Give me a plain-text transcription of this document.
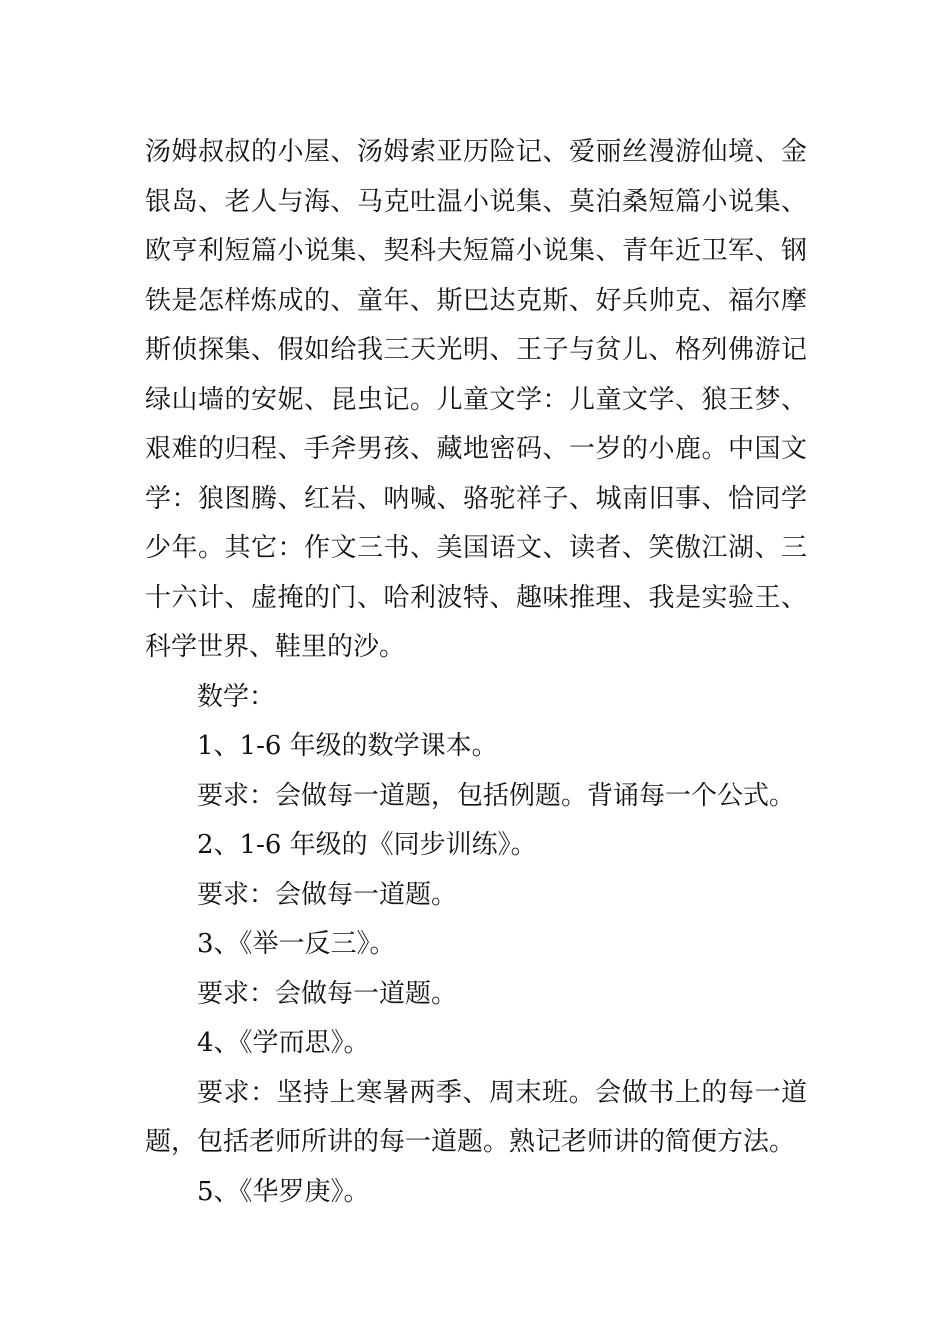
汤姆叔叔的小屋、汤姆索亚历险记、爱丽丝漫游仙境、金银岛、老人与海、马克吐温小说集、莫泊桑短篇小说集、欧亨利短篇小说集、契科夫短篇小说集、青年近卫军、钢铁是怎样炼成的、童年、斯巴达克斯、好兵帅克、福尔摩斯侦探集、假如给我三天光明、王子与贫儿、格列佛游记绿山墙的安妮、昆虫记。儿童文学：儿童文学、狼王梦、艰难的归程、手斧男孩、藏地密码、一岁的小鹿。中国文学：狼图腾、红岩、呐喊、骆驼祥子、城南旧事、恰同学少年。其它：作文三书、美国语文、读者、笑傲江湖、三十六计、虚掩的门、哈利波特、趣味推理、我是实验王、科学世界、鞋里的沙。

数学：

1、1-6 年级的数学课本。

要求：会做每一道题，包括例题。背诵每一个公式。

2、1-6 年级的《同步训练》。

要求：会做每一道题。

3、《举一反三》。

要求：会做每一道题。

4、《学而思》。

要求：坚持上寒暑两季、周末班。会做书上的每一道题，包括老师所讲的每一道题。熟记老师讲的简便方法。

5、《华罗庚》。
